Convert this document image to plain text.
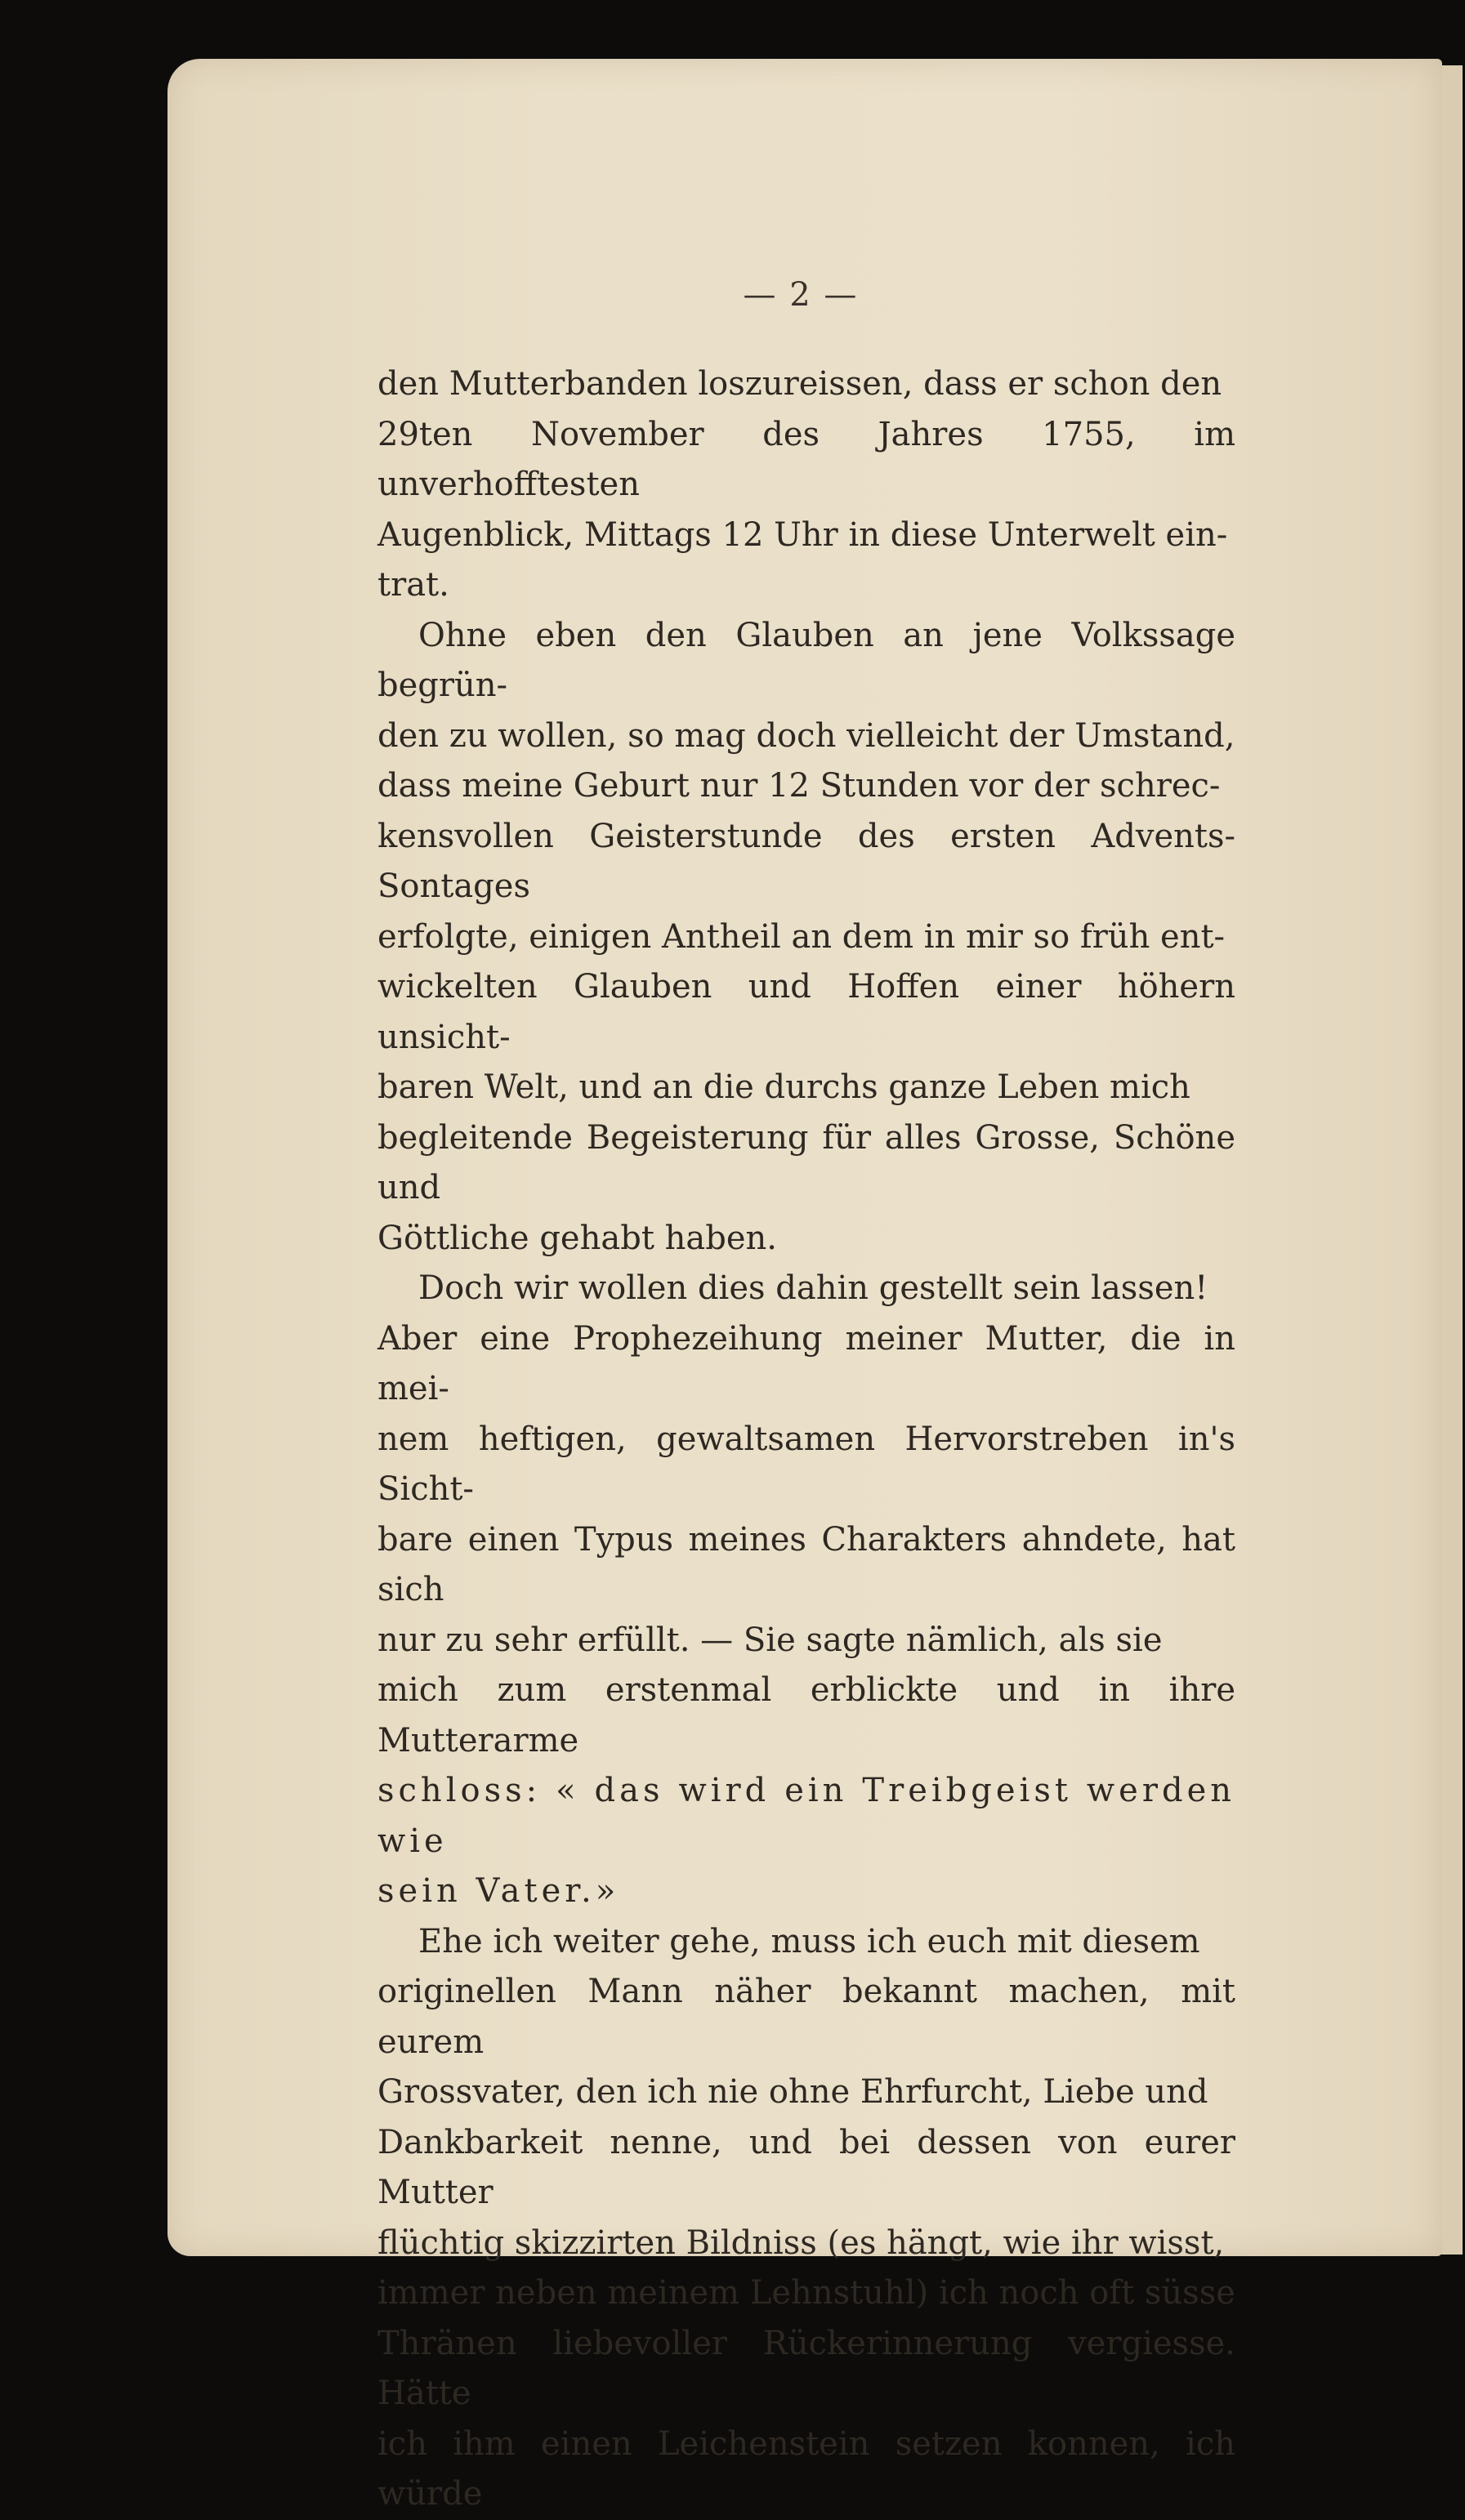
— 2 —

den Mutterbanden loszureissen, dass er schon den
29ten November des Jahres 1755, im unverhofftesten
Augenblick, Mittags 12 Uhr in diese Unterwelt ein-
trat.

Ohne eben den Glauben an jene Volkssage begrün-
den zu wollen, so mag doch vielleicht der Umstand,
dass meine Geburt nur 12 Stunden vor der schrec-
kensvollen Geisterstunde des ersten Advents-Sontages
erfolgte, einigen Antheil an dem in mir so früh ent-
wickelten Glauben und Hoffen einer höhern unsicht-
baren Welt, und an die durchs ganze Leben mich
begleitende Begeisterung für alles Grosse, Schöne und
Göttliche gehabt haben.

Doch wir wollen dies dahin gestellt sein lassen!
Aber eine Prophezeihung meiner Mutter, die in mei-
nem heftigen, gewaltsamen Hervorstreben in's Sicht-
bare einen Typus meines Charakters ahndete, hat sich
nur zu sehr erfüllt. — Sie sagte nämlich, als sie
mich zum erstenmal erblickte und in ihre Mutterarme
schloss: « das wird ein Treibgeist werden wie
sein Vater.»

Ehe ich weiter gehe, muss ich euch mit diesem
originellen Mann näher bekannt machen, mit eurem
Grossvater, den ich nie ohne Ehrfurcht, Liebe und
Dankbarkeit nenne, und bei dessen von eurer Mutter
flüchtig skizzirten Bildniss (es hängt, wie ihr wisst,
immer neben meinem Lehnstuhl) ich noch oft süsse
Thränen liebevoller Rückerinnerung vergiesse. Hätte
ich ihm einen Leichenstein setzen konnen, ich würde
